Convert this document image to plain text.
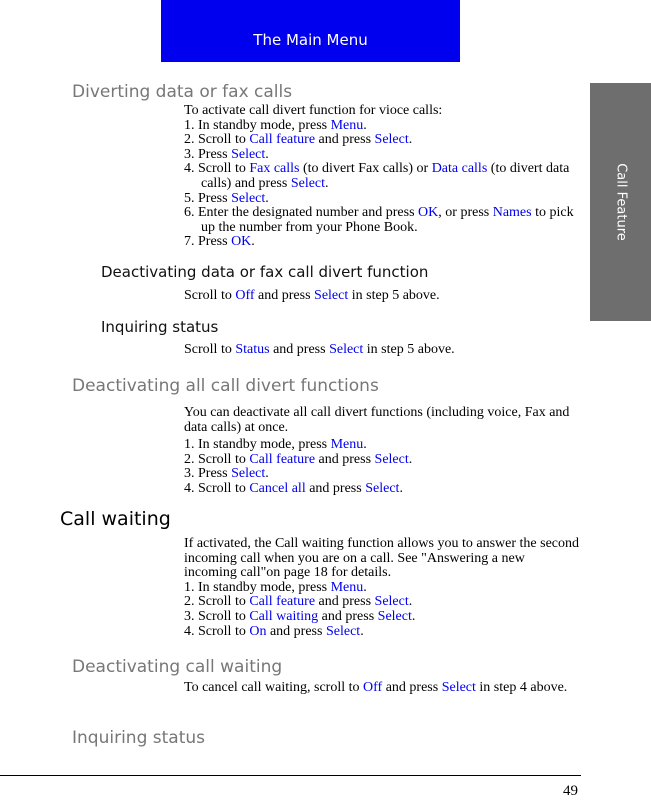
The Main Menu
Call Feature
Diverting data or fax calls

To activate call divert function for vioce calls:

1. In standby mode, press Menu.

2. Scroll to Call feature and press Select.

3. Press Select.

4. Scroll to Fax calls (to divert Fax calls) or Data calls (to divert data calls) and press Select.

5. Press Select.

6. Enter the designated number and press OK, or press Names to pick up the number from your Phone Book.

7. Press OK.

Deactivating data or fax call divert function

Scroll to Off and press Select in step 5 above.

Inquiring status

Scroll to Status and press Select in step 5 above.

Deactivating all call divert functions

You can deactivate all call divert functions (including voice, Fax and data calls) at once.

1. In standby mode, press Menu.

2. Scroll to Call feature and press Select.

3. Press Select.

4. Scroll to Cancel all and press Select.

Call waiting

If activated, the Call waiting function allows you to answer the second incoming call when you are on a call. See "Answering a new incoming call"on page 18 for details.

1. In standby mode, press Menu.

2. Scroll to Call feature and press Select.

3. Scroll to Call waiting and press Select.

4. Scroll to On and press Select.

Deactivating call waiting

To cancel call waiting, scroll to Off and press Select in step 4 above.

Inquiring status
49
